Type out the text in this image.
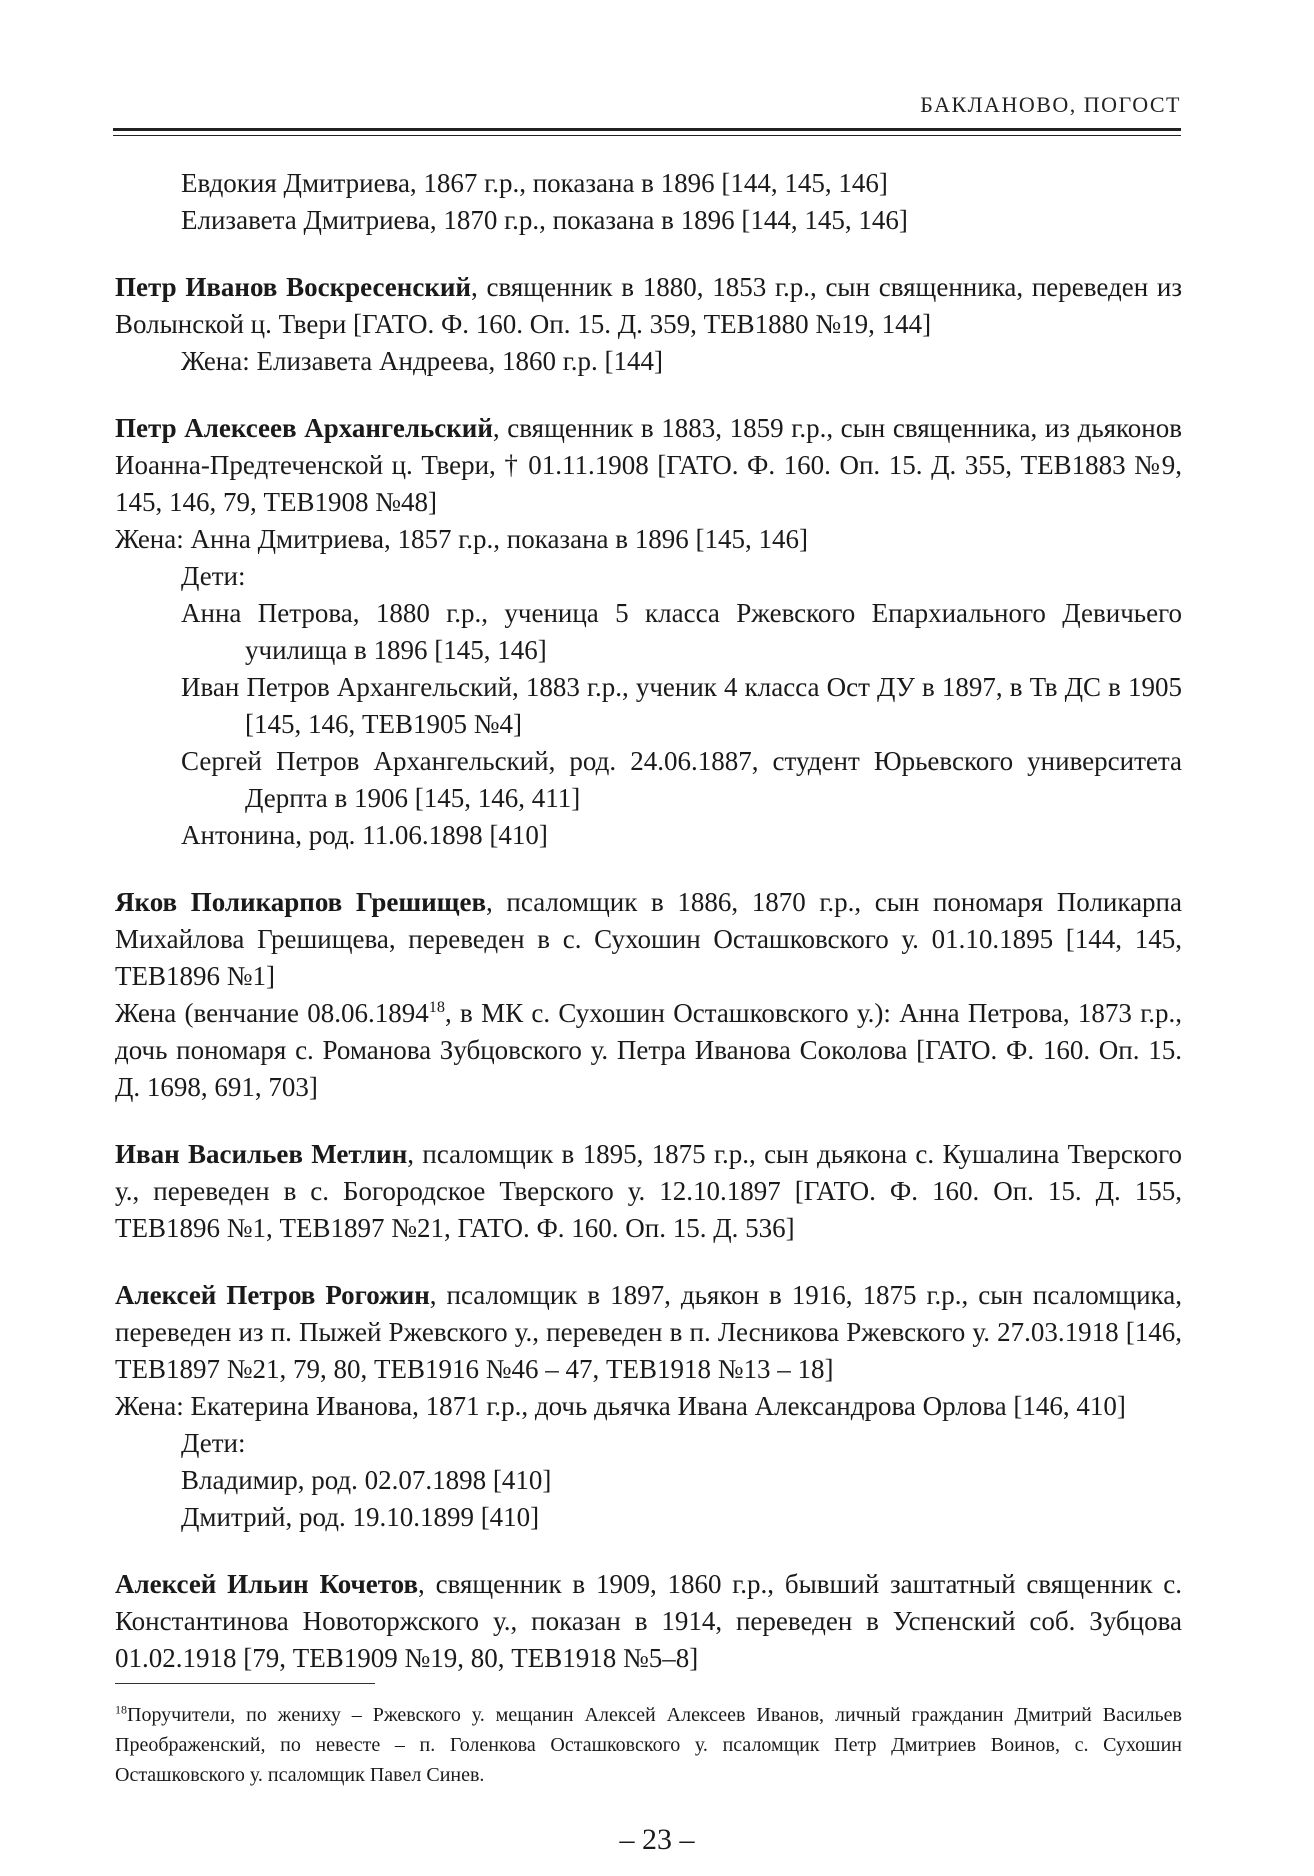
БАКЛАНОВО, ПОГОСТ

Евдокия Дмитриева, 1867 г.р., показана в 1896 [144, 145, 146]

Елизавета Дмитриева, 1870 г.р., показана в 1896 [144, 145, 146]

Петр Иванов Воскресенский, священник в 1880, 1853 г.р., сын священника, переведен из Волынской ц. Твери [ГАТО. Ф. 160. Оп. 15. Д. 359, ТЕВ1880 №19, 144]

Жена: Елизавета Андреева, 1860 г.р. [144]

Петр Алексеев Архангельский, священник в 1883, 1859 г.р., сын священника, из дьяконов Иоанна-Предтеченской ц. Твери, † 01.11.1908 [ГАТО. Ф. 160. Оп. 15. Д. 355, ТЕВ1883 №9, 145, 146, 79, ТЕВ1908 №48]

Жена: Анна Дмитриева, 1857 г.р., показана в 1896 [145, 146]

Дети:

Анна Петрова, 1880 г.р., ученица 5 класса Ржевского Епархиального Девичьего училища в 1896 [145, 146]

Иван Петров Архангельский, 1883 г.р., ученик 4 класса Ост ДУ в 1897, в Тв ДС в 1905 [145, 146, ТЕВ1905 №4]

Сергей Петров Архангельский, род. 24.06.1887, студент Юрьевского университета Дерпта в 1906 [145, 146, 411]

Антонина, род. 11.06.1898 [410]

Яков Поликарпов Грешищев, псаломщик в 1886, 1870 г.р., сын пономаря Поликарпа Михайлова Грешищева, переведен в с. Сухошин Осташковского у. 01.10.1895 [144, 145, ТЕВ1896 №1]

Жена (венчание 08.06.1894$^{18}$, в МК с. Сухошин Осташковского у.): Анна Петрова, 1873 г.р., дочь пономаря с. Романова Зубцовского у. Петра Иванова Соколова [ГАТО. Ф. 160. Оп. 15. Д. 1698, 691, 703]

Иван Васильев Метлин, псаломщик в 1895, 1875 г.р., сын дьякона с. Кушалина Тверского у., переведен в с. Богородское Тверского у. 12.10.1897 [ГАТО. Ф. 160. Оп. 15. Д. 155, ТЕВ1896 №1, ТЕВ1897 №21, ГАТО. Ф. 160. Оп. 15. Д. 536]

Алексей Петров Рогожин, псаломщик в 1897, дьякон в 1916, 1875 г.р., сын псаломщика, переведен из п. Пыжей Ржевского у., переведен в п. Лесникова Ржевского у. 27.03.1918 [146, ТЕВ1897 №21, 79, 80, ТЕВ1916 №46 – 47, ТЕВ1918 №13 – 18]

Жена: Екатерина Иванова, 1871 г.р., дочь дьячка Ивана Александрова Орлова [146, 410]

Дети:

Владимир, род. 02.07.1898 [410]

Дмитрий, род. 19.10.1899 [410]

Алексей Ильин Кочетов, священник в 1909, 1860 г.р., бывший заштатный священник с. Константинова Новоторжского у., показан в 1914, переведен в Успенский соб. Зубцова 01.02.1918 [79, ТЕВ1909 №19, 80, ТЕВ1918 №5–8]

$^{18}$Поручители, по жениху – Ржевского у. мещанин Алексей Алексеев Иванов, личный гражданин Дмитрий Васильев Преображенский, по невесте – п. Голенкова Осташковского у. псаломщик Петр Дмитриев Воинов, с. Сухошин Осташковского у. псаломщик Павел Синев.

– 23 –
